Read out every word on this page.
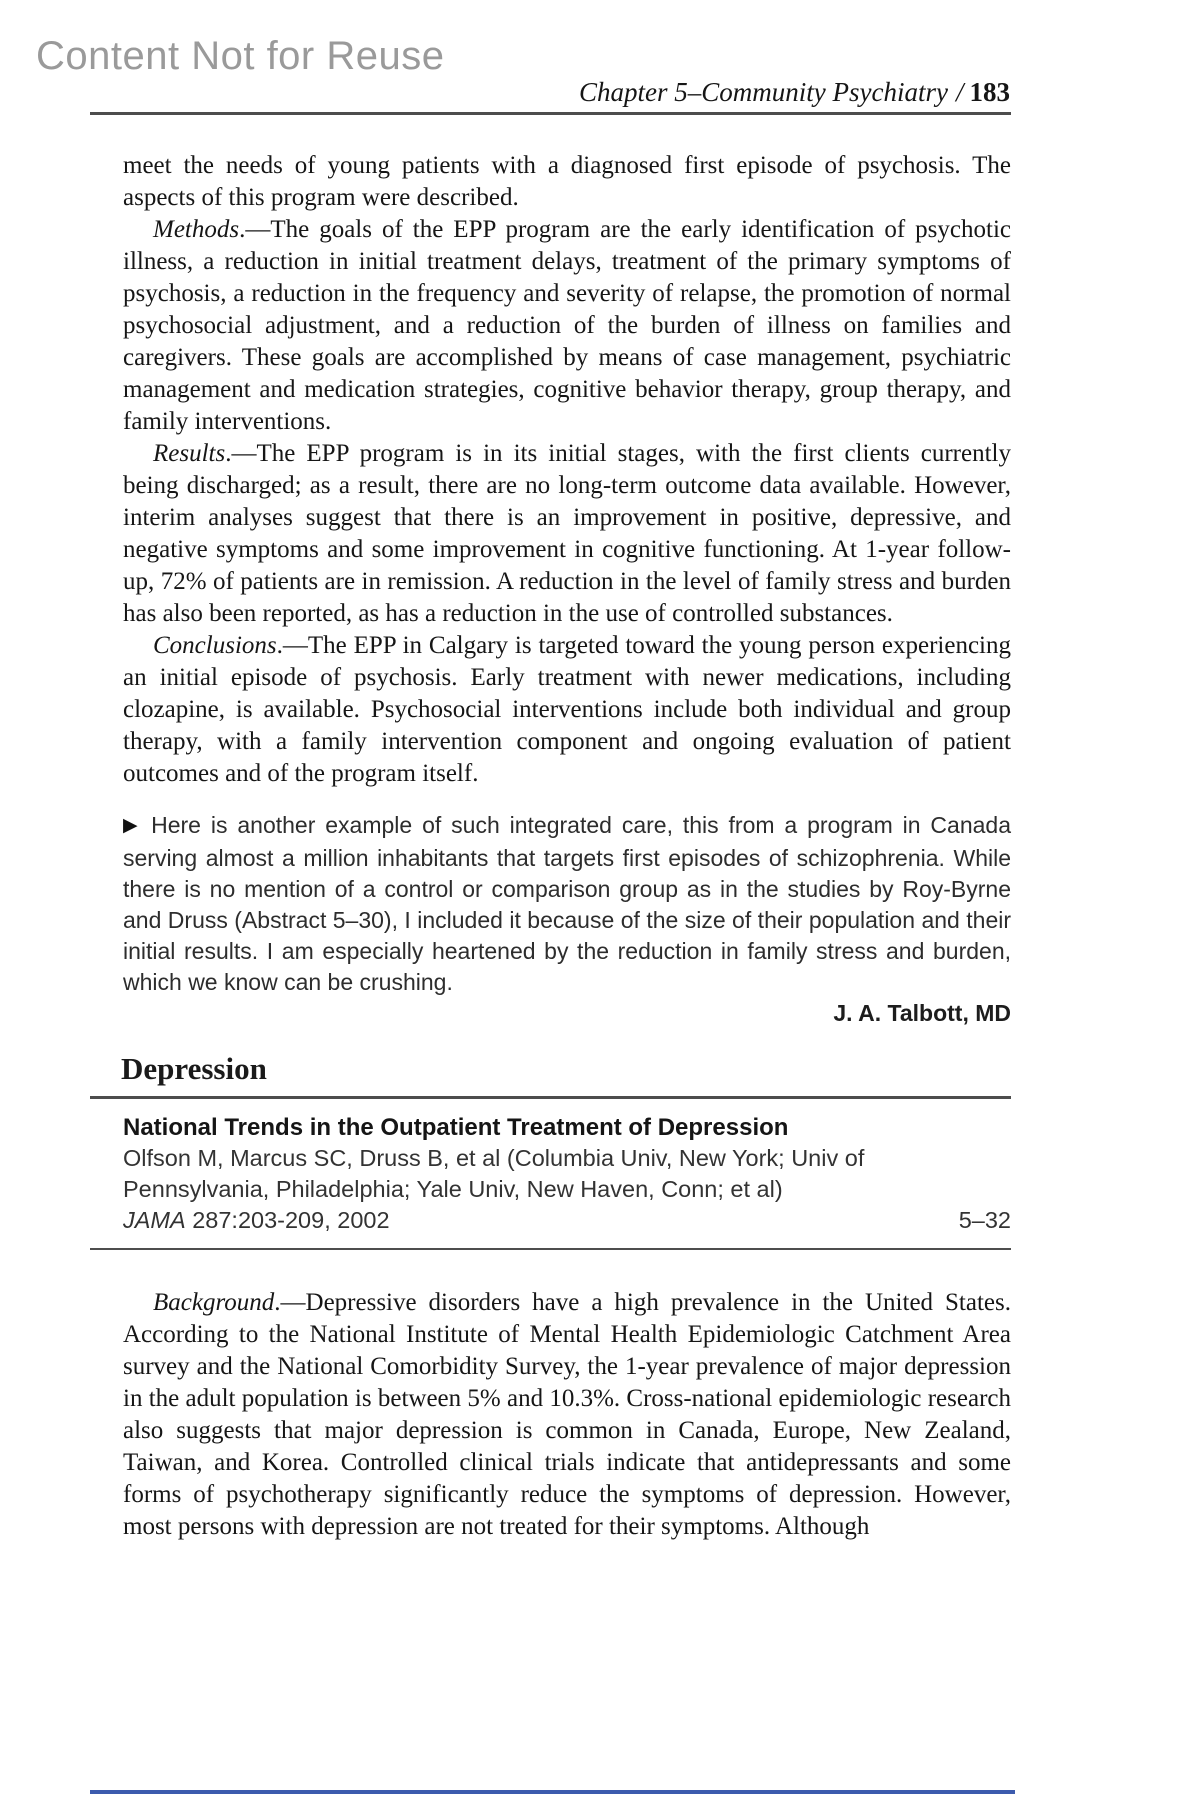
Content Not for Reuse
Chapter 5–Community Psychiatry / 183

meet the needs of young patients with a diagnosed first episode of psychosis. The aspects of this program were described.

Methods.—The goals of the EPP program are the early identification of psychotic illness, a reduction in initial treatment delays, treatment of the primary symptoms of psychosis, a reduction in the frequency and severity of relapse, the promotion of normal psychosocial adjustment, and a reduction of the burden of illness on families and caregivers. These goals are accomplished by means of case management, psychiatric management and medication strategies, cognitive behavior therapy, group therapy, and family interventions.

Results.—The EPP program is in its initial stages, with the first clients currently being discharged; as a result, there are no long-term outcome data available. However, interim analyses suggest that there is an improvement in positive, depressive, and negative symptoms and some improvement in cognitive functioning. At 1-year follow-up, 72% of patients are in remission. A reduction in the level of family stress and burden has also been reported, as has a reduction in the use of controlled substances.

Conclusions.—The EPP in Calgary is targeted toward the young person experiencing an initial episode of psychosis. Early treatment with newer medications, including clozapine, is available. Psychosocial interventions include both individual and group therapy, with a family intervention component and ongoing evaluation of patient outcomes and of the program itself.

▶ Here is another example of such integrated care, this from a program in Canada serving almost a million inhabitants that targets first episodes of schizophrenia. While there is no mention of a control or comparison group as in the studies by Roy-Byrne and Druss (Abstract 5–30), I included it because of the size of their population and their initial results. I am especially heartened by the reduction in family stress and burden, which we know can be crushing.
J. A. Talbott, MD
Depression

National Trends in the Outpatient Treatment of Depression

Olfson M, Marcus SC, Druss B, et al (Columbia Univ, New York; Univ of Pennsylvania, Philadelphia; Yale Univ, New Haven, Conn; et al)

JAMA 287:203-209, 2002	5–32

Background.—Depressive disorders have a high prevalence in the United States. According to the National Institute of Mental Health Epidemiologic Catchment Area survey and the National Comorbidity Survey, the 1-year prevalence of major depression in the adult population is between 5% and 10.3%. Cross-national epidemiologic research also suggests that major depression is common in Canada, Europe, New Zealand, Taiwan, and Korea. Controlled clinical trials indicate that antidepressants and some forms of psychotherapy significantly reduce the symptoms of depression. However, most persons with depression are not treated for their symptoms. Although
